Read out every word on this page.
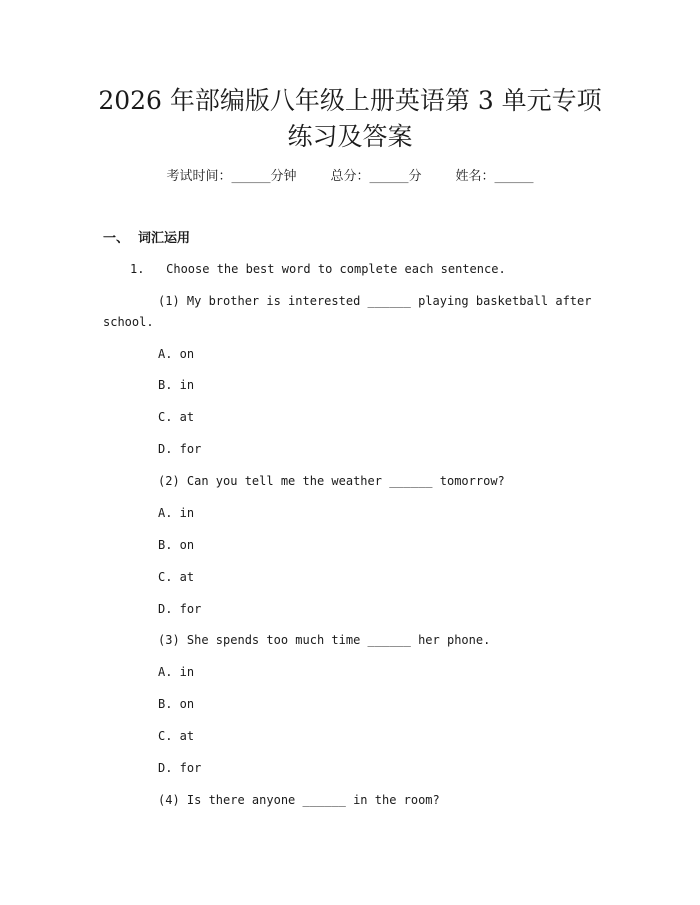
2026 年部编版八年级上册英语第 3 单元专项
练习及答案
考试时间：______分钟	总分：______分	姓名：______
一、  词汇运用
1.   Choose the best word to complete each sentence.
(1) My brother is interested ______ playing basketball after
school.
A. on
B. in
C. at
D. for
(2) Can you tell me the weather ______ tomorrow?
A. in
B. on
C. at
D. for
(3) She spends too much time ______ her phone.
A. in
B. on
C. at
D. for
(4) Is there anyone ______ in the room?
